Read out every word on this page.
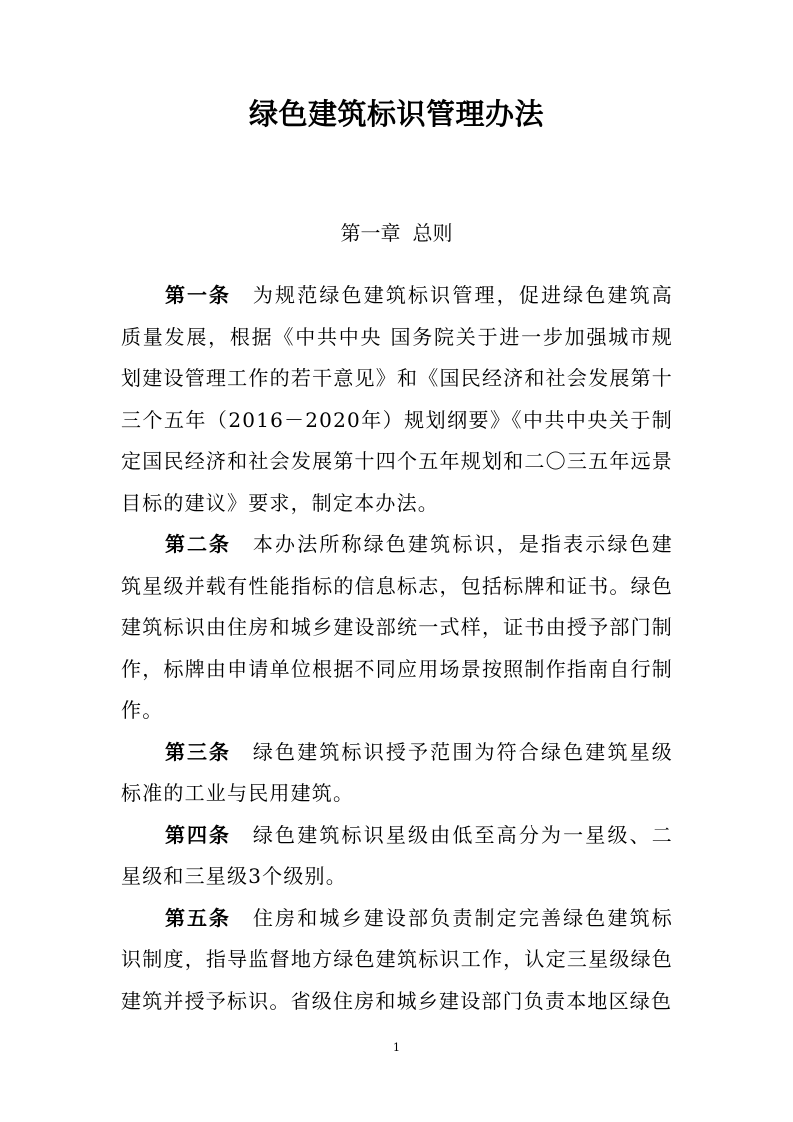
绿色建筑标识管理办法
第一章 总则

第一条 为规范绿色建筑标识管理，促进绿色建筑高质量发展，根据《中共中央 国务院关于进一步加强城市规划建设管理工作的若干意见》和《国民经济和社会发展第十三个五年（2016－2020年）规划纲要》《中共中央关于制定国民经济和社会发展第十四个五年规划和二〇三五年远景目标的建议》要求，制定本办法。

第二条 本办法所称绿色建筑标识，是指表示绿色建筑星级并载有性能指标的信息标志，包括标牌和证书。绿色建筑标识由住房和城乡建设部统一式样，证书由授予部门制作，标牌由申请单位根据不同应用场景按照制作指南自行制作。

第三条 绿色建筑标识授予范围为符合绿色建筑星级标准的工业与民用建筑。

第四条 绿色建筑标识星级由低至高分为一星级、二星级和三星级3个级别。

第五条 住房和城乡建设部负责制定完善绿色建筑标识制度，指导监督地方绿色建筑标识工作，认定三星级绿色建筑并授予标识。省级住房和城乡建设部门负责本地区绿色

1
